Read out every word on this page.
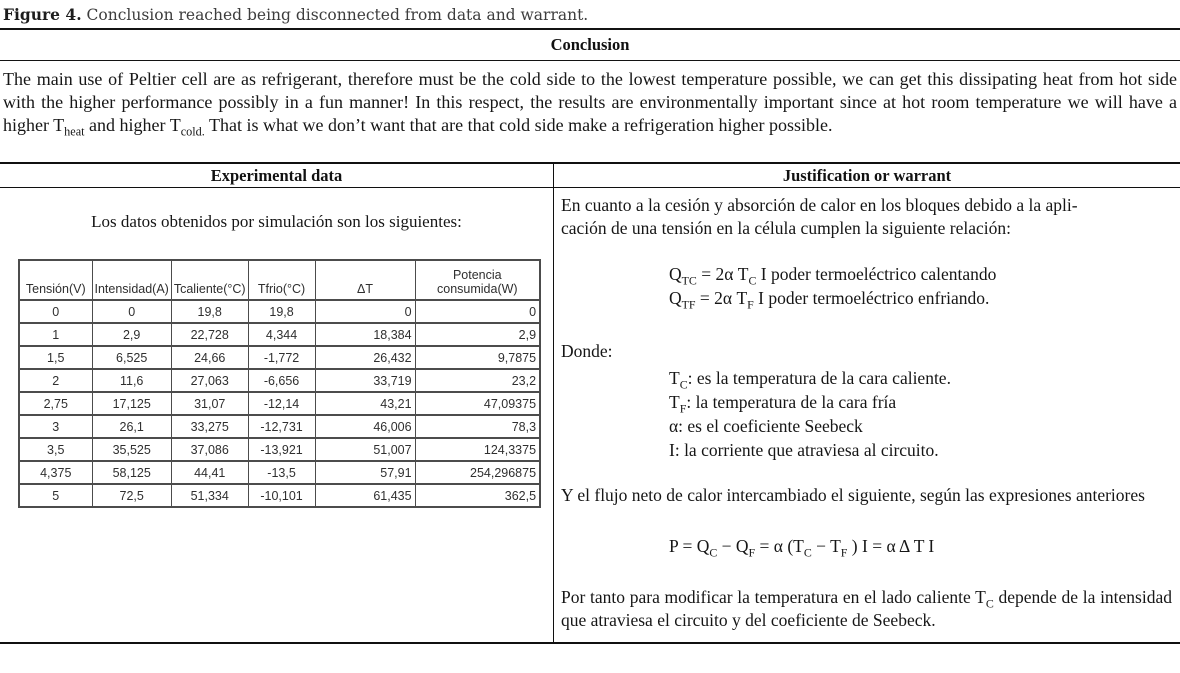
Figure 4. Conclusion reached being disconnected from data and warrant.
Conclusion

The main use of Peltier cell are as refrigerant, therefore must be the cold side to the lowest temperature possible, we can get this dissipating heat from hot side with the higher performance possibly in a fun manner! In this respect, the results are environmentally important since at hot room temperature we will have a higher $T_{heat}$ and higher $T_{cold.}$ That is what we don’t want that are that cold side make a refrigeration higher possible.

Experimental data	Justification or warrant
Los datos obtenidos por simulación son los siguientes:
Tensión(V)	Intensidad(A)	Tcaliente(°C)	Tfrio(°C)	ΔT	Potencia consumida(W)
0	0	19,8	19,8	0	0
1	2,9	22,728	4,344	18,384	2,9
1,5	6,525	24,66	-1,772	26,432	9,7875
2	11,6	27,063	-6,656	33,719	23,2
2,75	17,125	31,07	-12,14	43,21	47,09375
3	26,1	33,275	-12,731	46,006	78,3
3,5	35,525	37,086	-13,921	51,007	124,3375
4,375	58,125	44,41	-13,5	57,91	254,296875
5	72,5	51,334	-10,101	61,435	362,5

En cuanto a la cesión y absorción de calor en los bloques debido a la apli-
cación de una tensión en la célula cumplen la siguiente relación:

$Q_{TC} = 2\alpha$ $T_C$ I poder termoeléctrico calentando
$Q_{TF} = 2\alpha$ $T_F$ I poder termoeléctrico enfriando.
Donde:
$T_C$: es la temperatura de la cara caliente.
$T_F$: la temperatura de la cara fría
α: es el coeficiente Seebeck
I: la corriente que atraviesa al circuito.

Y el flujo neto de calor intercambiado el siguiente, según las expresiones anteriores

$P = Q_C - Q_F = \alpha$ ($T_C - T_F$ ) I = α Δ T I

Por tanto para modificar la temperatura en el lado caliente $T_C$ depende de la intensidad que atraviesa el circuito y del coeficiente de Seebeck.
